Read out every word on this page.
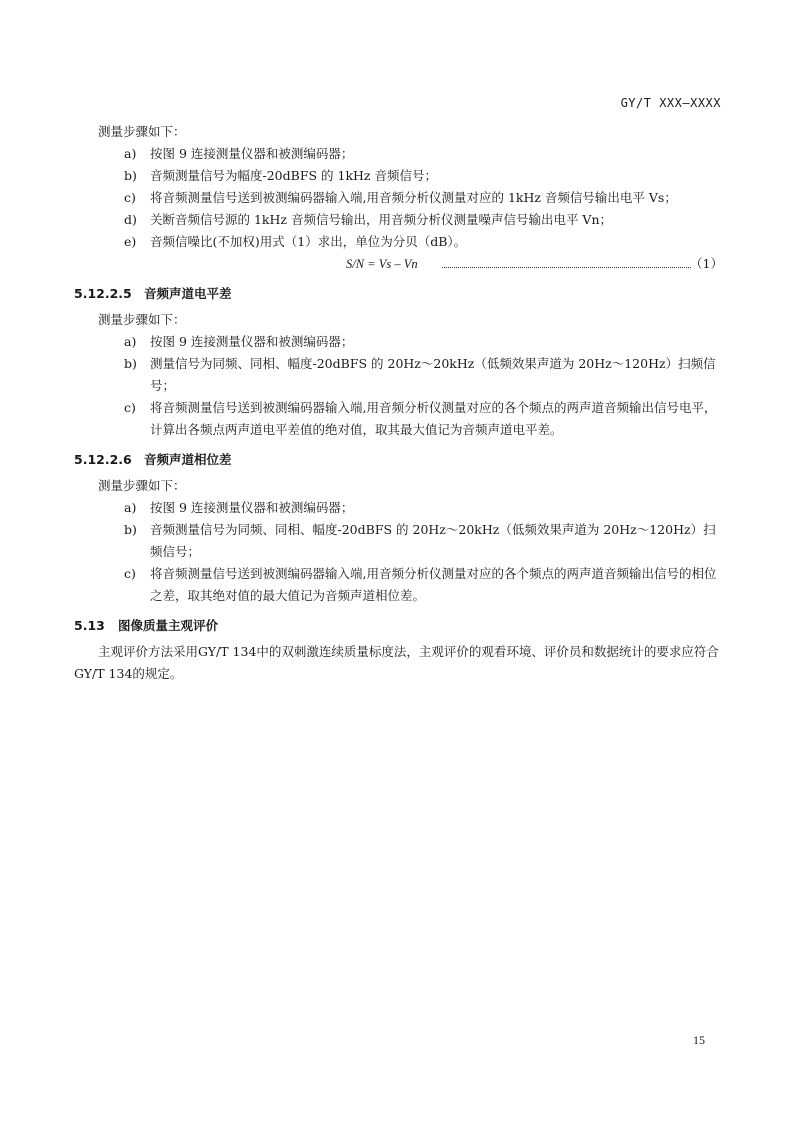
GY/T XXX—XXXX

测量步骤如下：

a) 按图 9 连接测量仪器和被测编码器；

b) 音频测量信号为幅度-20dBFS 的 1kHz 音频信号；

c) 将音频测量信号送到被测编码器输入端,用音频分析仪测量对应的 1kHz 音频信号输出电平 Vs；

d) 关断音频信号源的 1kHz 音频信号输出，用音频分析仪测量噪声信号输出电平 Vn；

e) 音频信噪比(不加权)用式（1）求出，单位为分贝（dB）。

S/N = Vs – Vn	（1）
5.12.2.5 音频声道电平差

测量步骤如下：

a) 按图 9 连接测量仪器和被测编码器；

b) 测量信号为同频、同相、幅度-20dBFS 的 20Hz～20kHz（低频效果声道为 20Hz～120Hz）扫频信号；

c) 将音频测量信号送到被测编码器输入端,用音频分析仪测量对应的各个频点的两声道音频输出信号电平，计算出各频点两声道电平差值的绝对值，取其最大值记为音频声道电平差。

5.12.2.6 音频声道相位差

测量步骤如下：

a) 按图 9 连接测量仪器和被测编码器；

b) 音频测量信号为同频、同相、幅度-20dBFS 的 20Hz～20kHz（低频效果声道为 20Hz～120Hz）扫频信号；

c) 将音频测量信号送到被测编码器输入端,用音频分析仪测量对应的各个频点的两声道音频输出信号的相位之差，取其绝对值的最大值记为音频声道相位差。

5.13 图像质量主观评价

主观评价方法采用GY/T 134中的双刺激连续质量标度法，主观评价的观看环境、评价员和数据统计的要求应符合GY/T 134的规定。

15
